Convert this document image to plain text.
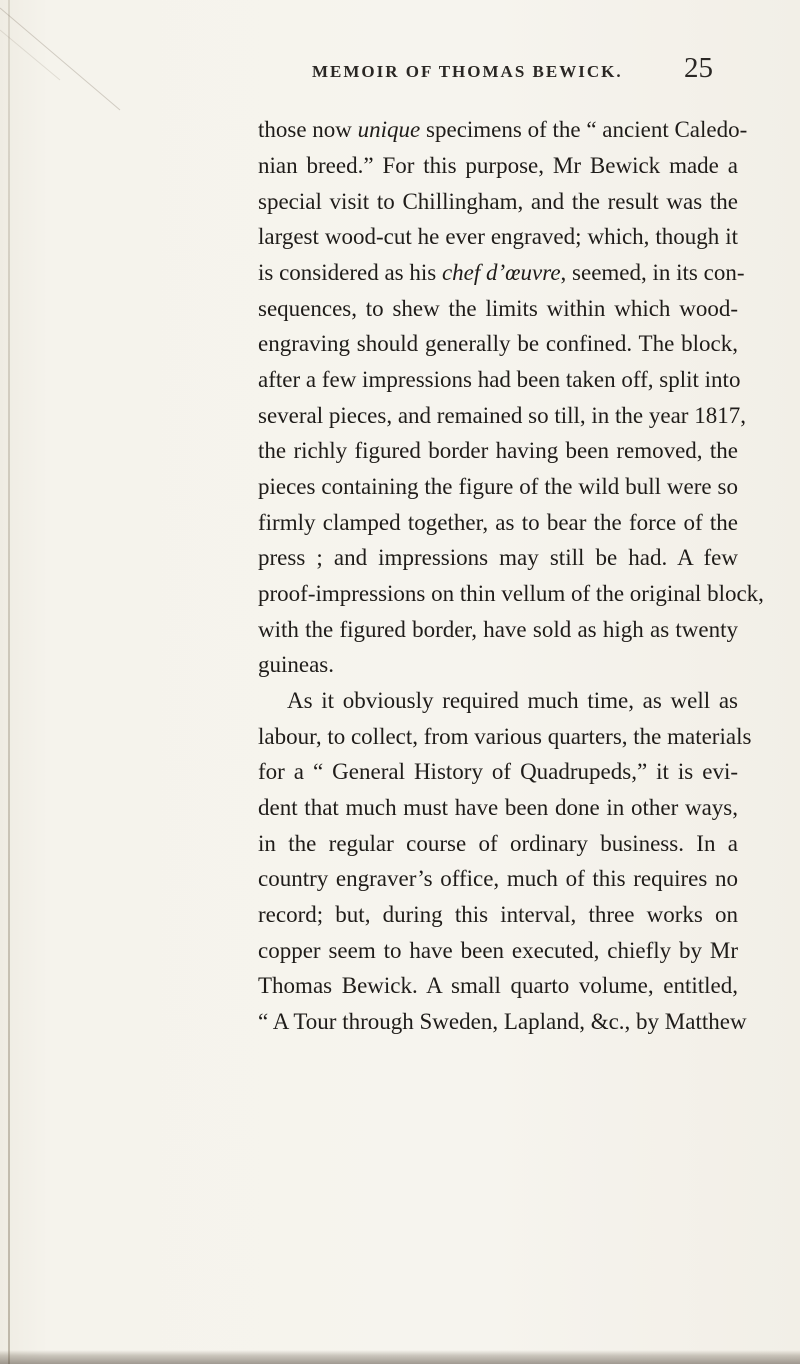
MEMOIR OF THOMAS BEWICK. 25
those now unique specimens of the “ ancient Caledo-
nian breed.” For this purpose, Mr Bewick made a
special visit to Chillingham, and the result was the
largest wood-cut he ever engraved; which, though it
is considered as his chef d’œuvre, seemed, in its con-
sequences, to shew the limits within which wood-
engraving should generally be confined. The block,
after a few impressions had been taken off, split into
several pieces, and remained so till, in the year 1817,
the richly figured border having been removed, the
pieces containing the figure of the wild bull were so
firmly clamped together, as to bear the force of the
press ; and impressions may still be had. A few
proof-impressions on thin vellum of the original block,
with the figured border, have sold as high as twenty
guineas.
As it obviously required much time, as well as
labour, to collect, from various quarters, the materials
for a “ General History of Quadrupeds,” it is evi-
dent that much must have been done in other ways,
in the regular course of ordinary business. In a
country engraver’s office, much of this requires no
record; but, during this interval, three works on
copper seem to have been executed, chiefly by Mr
Thomas Bewick. A small quarto volume, entitled,
“ A Tour through Sweden, Lapland, &c., by Matthew
